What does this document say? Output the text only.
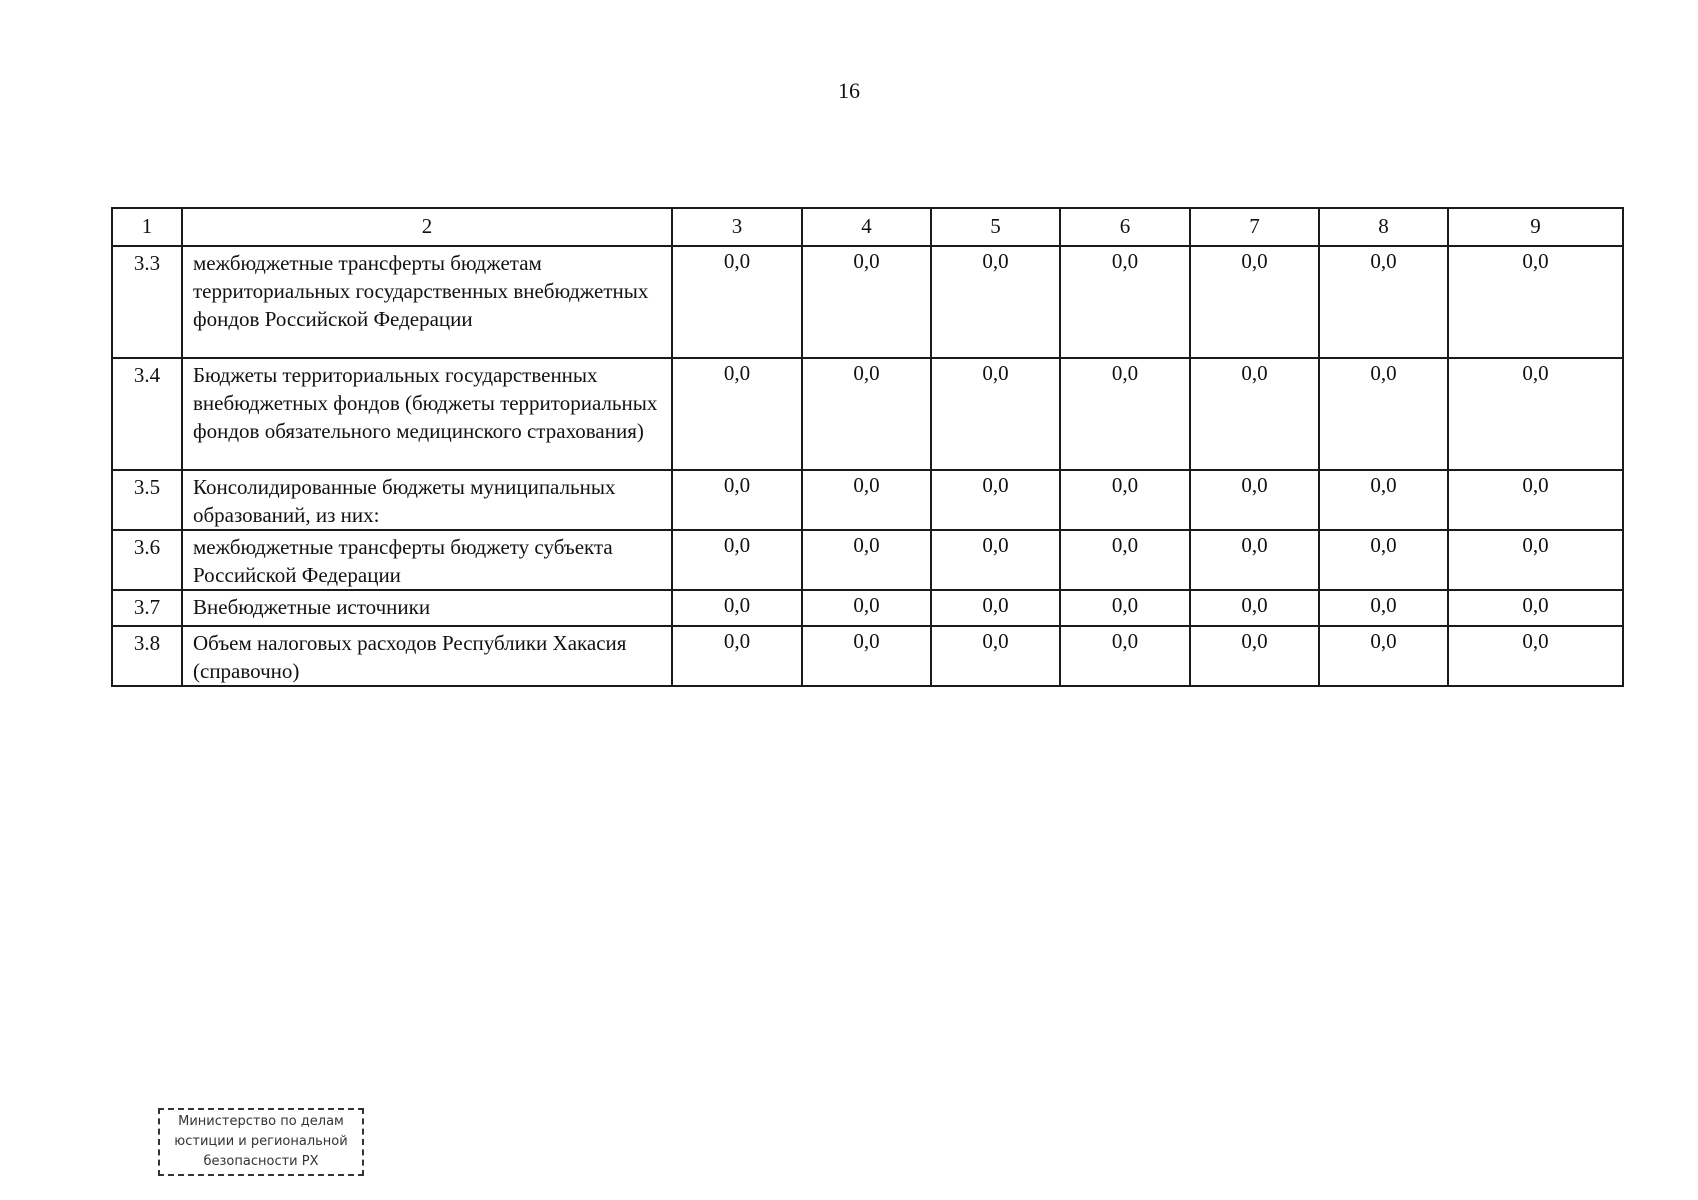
16
1	2	3	4	5	6	7	8	9
3.3	межбюджетные трансферты бюджетам территориальных государственных внебюджетных фондов Российской Федерации	0,0	0,0	0,0	0,0	0,0	0,0	0,0
3.4	Бюджеты территориальных государственных внебюджетных фондов (бюджеты территориальных фондов обязательного медицинского страхования)	0,0	0,0	0,0	0,0	0,0	0,0	0,0
3.5	Консолидированные бюджеты муниципальных образований, из них:	0,0	0,0	0,0	0,0	0,0	0,0	0,0
3.6	межбюджетные трансферты бюджету субъекта Российской Федерации	0,0	0,0	0,0	0,0	0,0	0,0	0,0
3.7	Внебюджетные источники	0,0	0,0	0,0	0,0	0,0	0,0	0,0
3.8	Объем налоговых расходов Республики Хакасия (справочно)	0,0	0,0	0,0	0,0	0,0	0,0	0,0
Министерство по делам
юстиции и региональной
безопасности РХ
